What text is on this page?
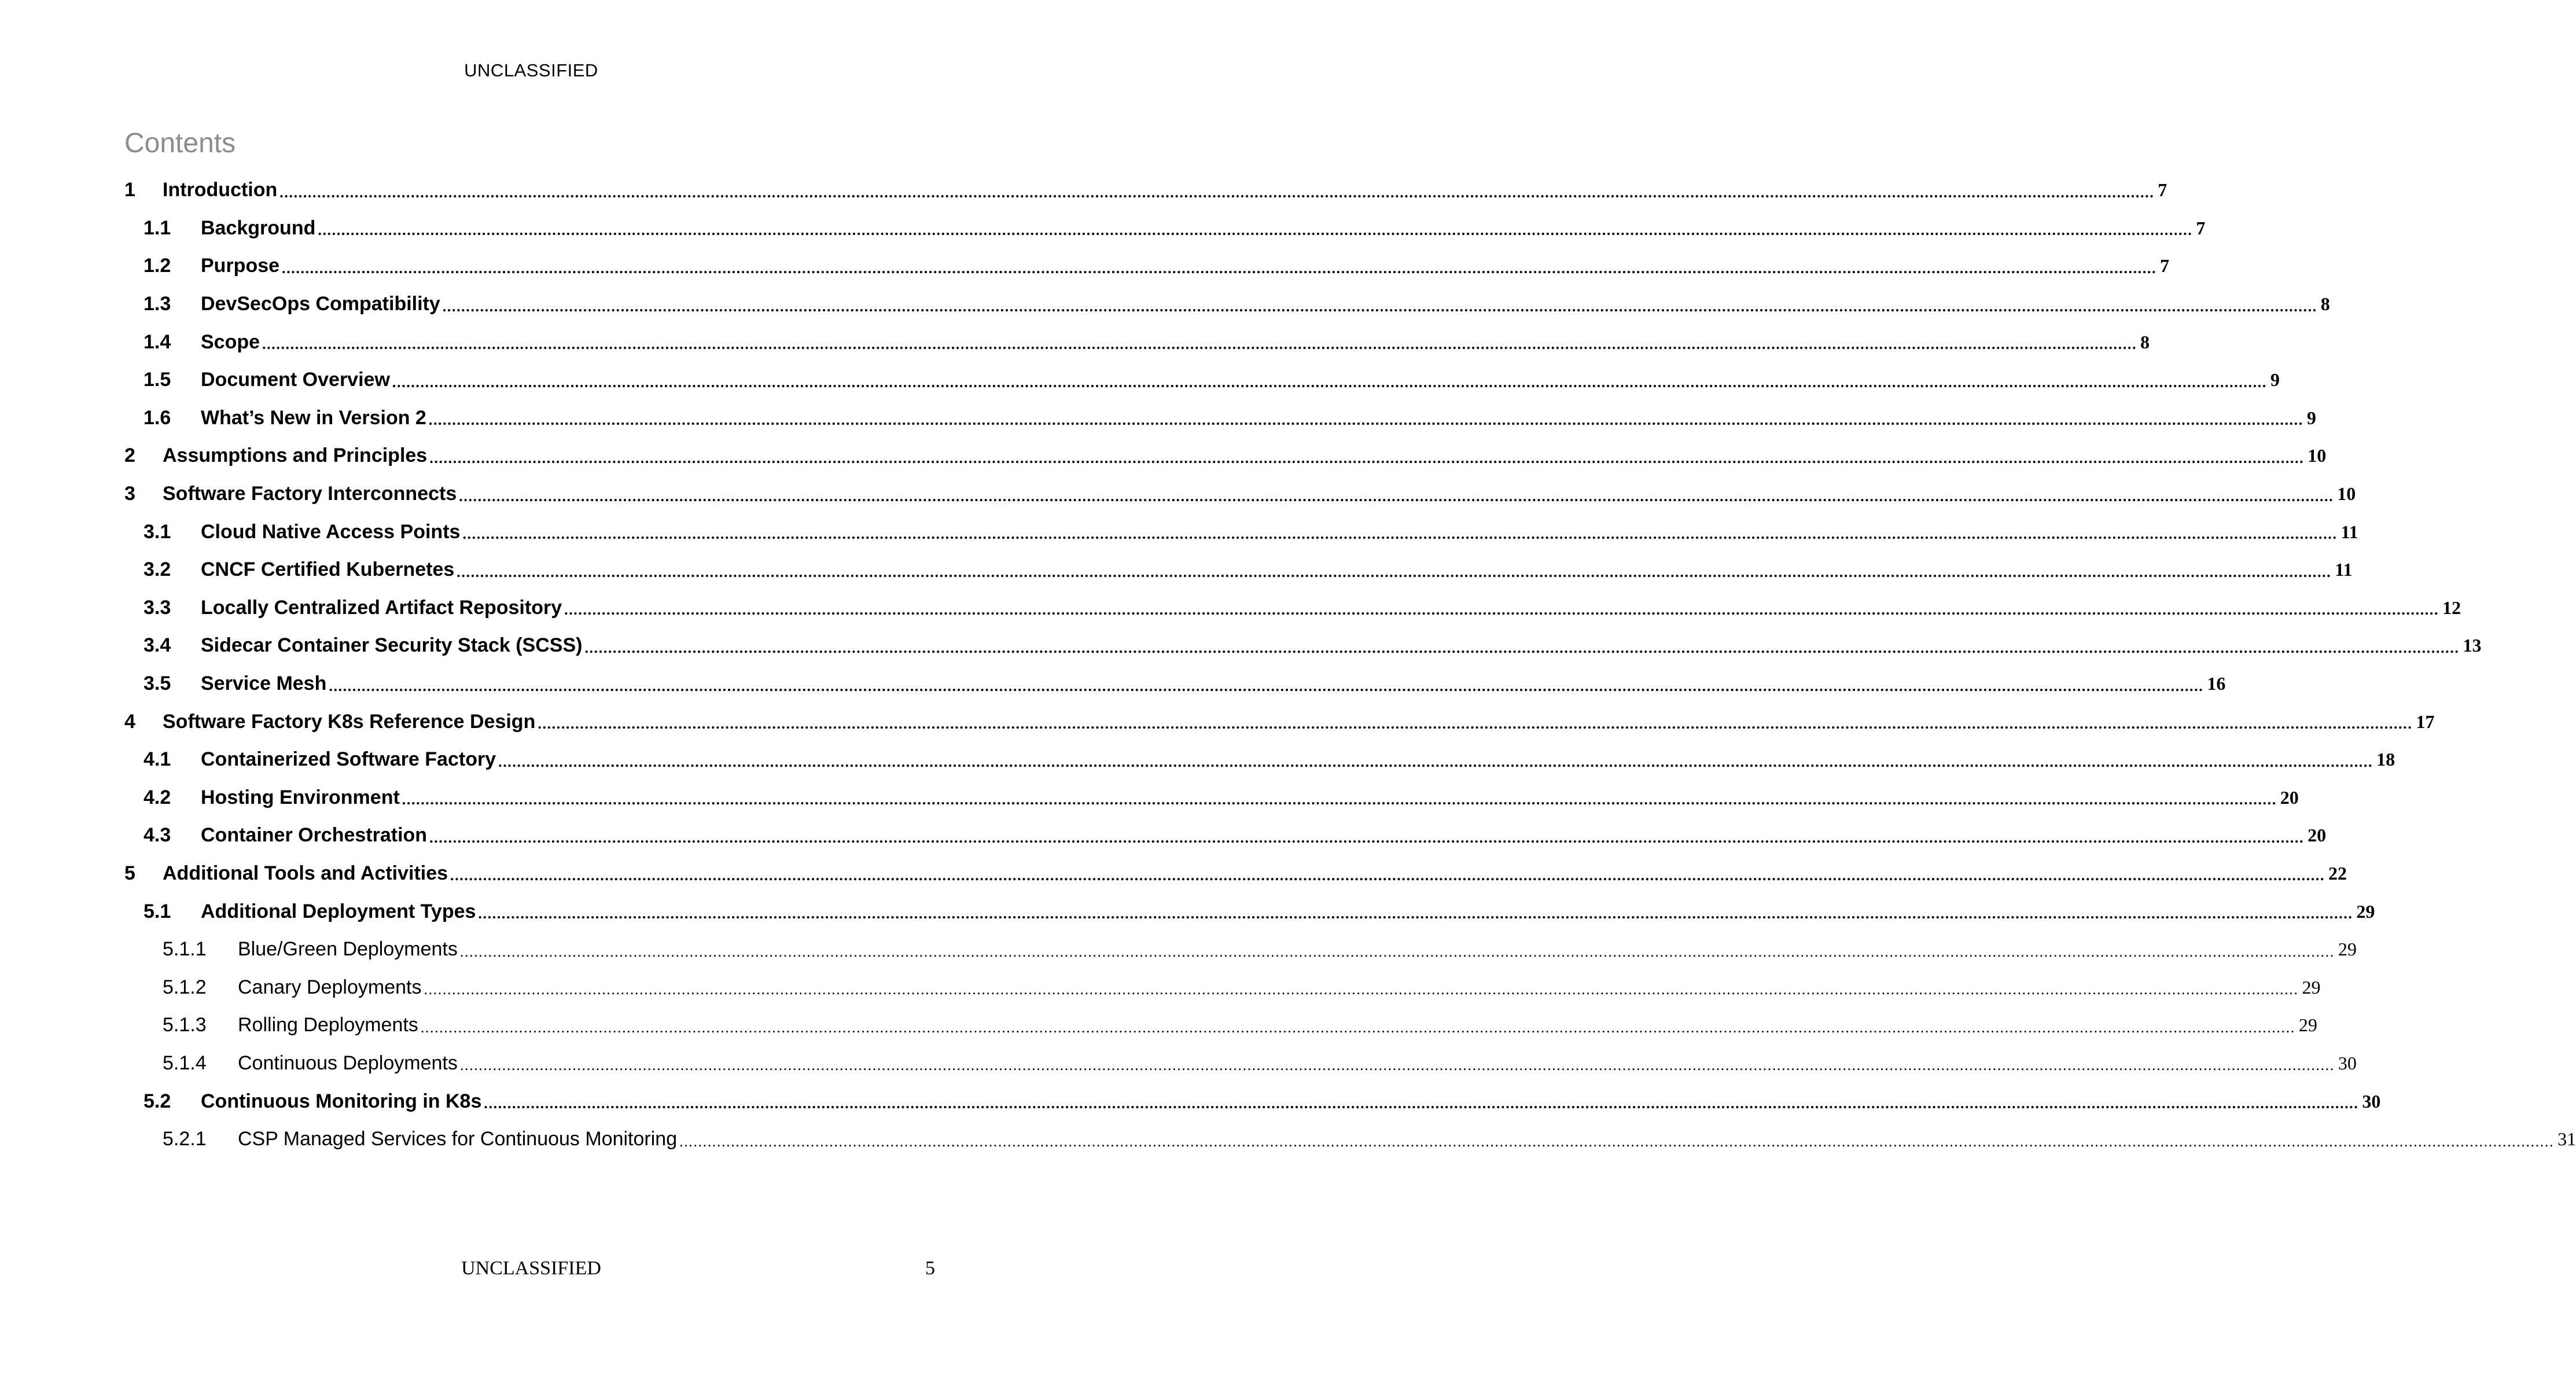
UNCLASSIFIED
Contents
1	Introduction ................................................................................................................................................................................................................................................................................................................................................................................................................ 7
1.1	Background ................................................................................................................................................................................................................................................................................................................................................................................................................ 7
1.2	Purpose ................................................................................................................................................................................................................................................................................................................................................................................................................ 7
1.3	DevSecOps Compatibility ................................................................................................................................................................................................................................................................................................................................................................................................................ 8
1.4	Scope ................................................................................................................................................................................................................................................................................................................................................................................................................ 8
1.5	Document Overview ................................................................................................................................................................................................................................................................................................................................................................................................................ 9
1.6	What’s New in Version 2 ................................................................................................................................................................................................................................................................................................................................................................................................................ 9
2	Assumptions and Principles ................................................................................................................................................................................................................................................................................................................................................................................................................ 10
3	Software Factory Interconnects ................................................................................................................................................................................................................................................................................................................................................................................................................ 10
3.1	Cloud Native Access Points ................................................................................................................................................................................................................................................................................................................................................................................................................ 11
3.2	CNCF Certified Kubernetes ................................................................................................................................................................................................................................................................................................................................................................................................................ 11
3.3	Locally Centralized Artifact Repository ................................................................................................................................................................................................................................................................................................................................................................................................................ 12
3.4	Sidecar Container Security Stack (SCSS) ................................................................................................................................................................................................................................................................................................................................................................................................................ 13
3.5	Service Mesh ................................................................................................................................................................................................................................................................................................................................................................................................................ 16
4	Software Factory K8s Reference Design ................................................................................................................................................................................................................................................................................................................................................................................................................ 17
4.1	Containerized Software Factory ................................................................................................................................................................................................................................................................................................................................................................................................................ 18
4.2	Hosting Environment ................................................................................................................................................................................................................................................................................................................................................................................................................ 20
4.3	Container Orchestration ................................................................................................................................................................................................................................................................................................................................................................................................................ 20
5	Additional Tools and Activities ................................................................................................................................................................................................................................................................................................................................................................................................................ 22
5.1	Additional Deployment Types ................................................................................................................................................................................................................................................................................................................................................................................................................ 29
5.1.1	Blue/Green Deployments ................................................................................................................................................................................................................................................................................................................................................................................................................ 29
5.1.2	Canary Deployments ................................................................................................................................................................................................................................................................................................................................................................................................................ 29
5.1.3	Rolling Deployments ................................................................................................................................................................................................................................................................................................................................................................................................................ 29
5.1.4	Continuous Deployments ................................................................................................................................................................................................................................................................................................................................................................................................................ 30
5.2	Continuous Monitoring in K8s ................................................................................................................................................................................................................................................................................................................................................................................................................ 30
5.2.1	CSP Managed Services for Continuous Monitoring ................................................................................................................................................................................................................................................................................................................................................................................................................ 31
UNCLASSIFIED	5
